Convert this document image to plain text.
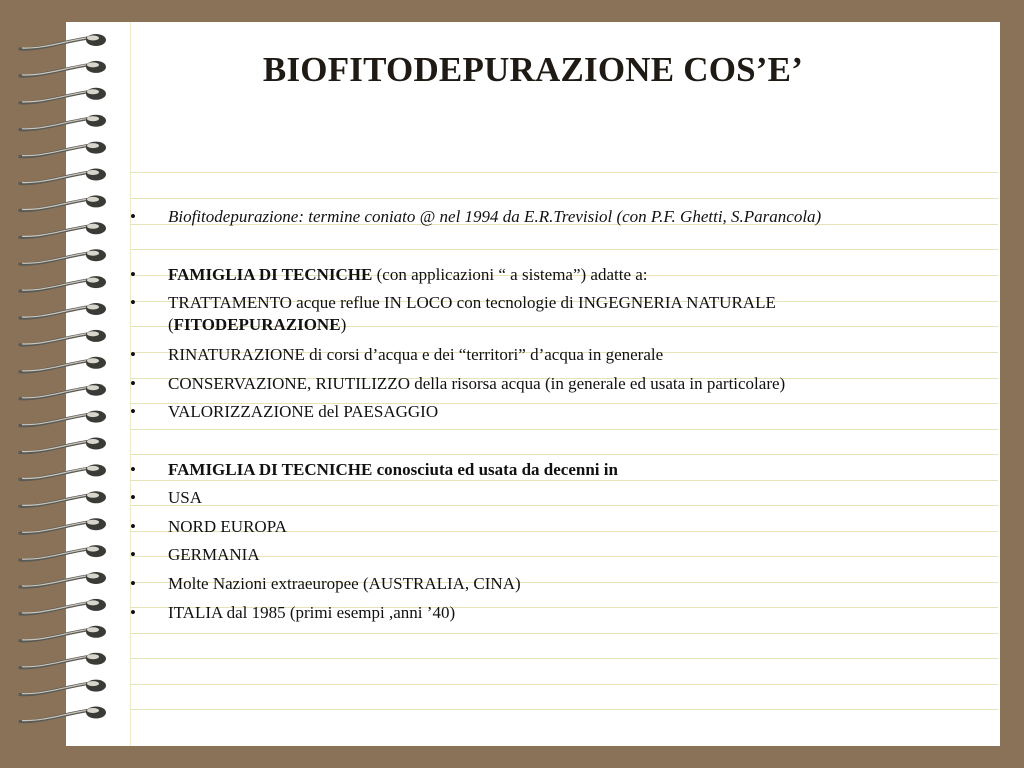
BIOFITODEPURAZIONE COS’E’
•	Biofitodepurazione: termine coniato @ nel 1994 da E.R.Trevisiol (con P.F. Ghetti, S.Parancola)
•	FAMIGLIA DI TECNICHE (con applicazioni “ a sistema”) adatte a:
•	TRATTAMENTO acque reflue IN LOCO con tecnologie di INGEGNERIA NATURALE
(FITODEPURAZIONE)
•	RINATURAZIONE di corsi d’acqua e dei “territori” d’acqua in generale
•	CONSERVAZIONE, RIUTILIZZO della risorsa acqua (in generale ed usata in particolare)
•	VALORIZZAZIONE del PAESAGGIO
•	FAMIGLIA DI TECNICHE conosciuta ed usata da decenni in
•	USA
•	NORD EUROPA
•	GERMANIA
•	Molte Nazioni extraeuropee (AUSTRALIA, CINA)
•	ITALIA dal 1985 (primi esempi ,anni ’40)
